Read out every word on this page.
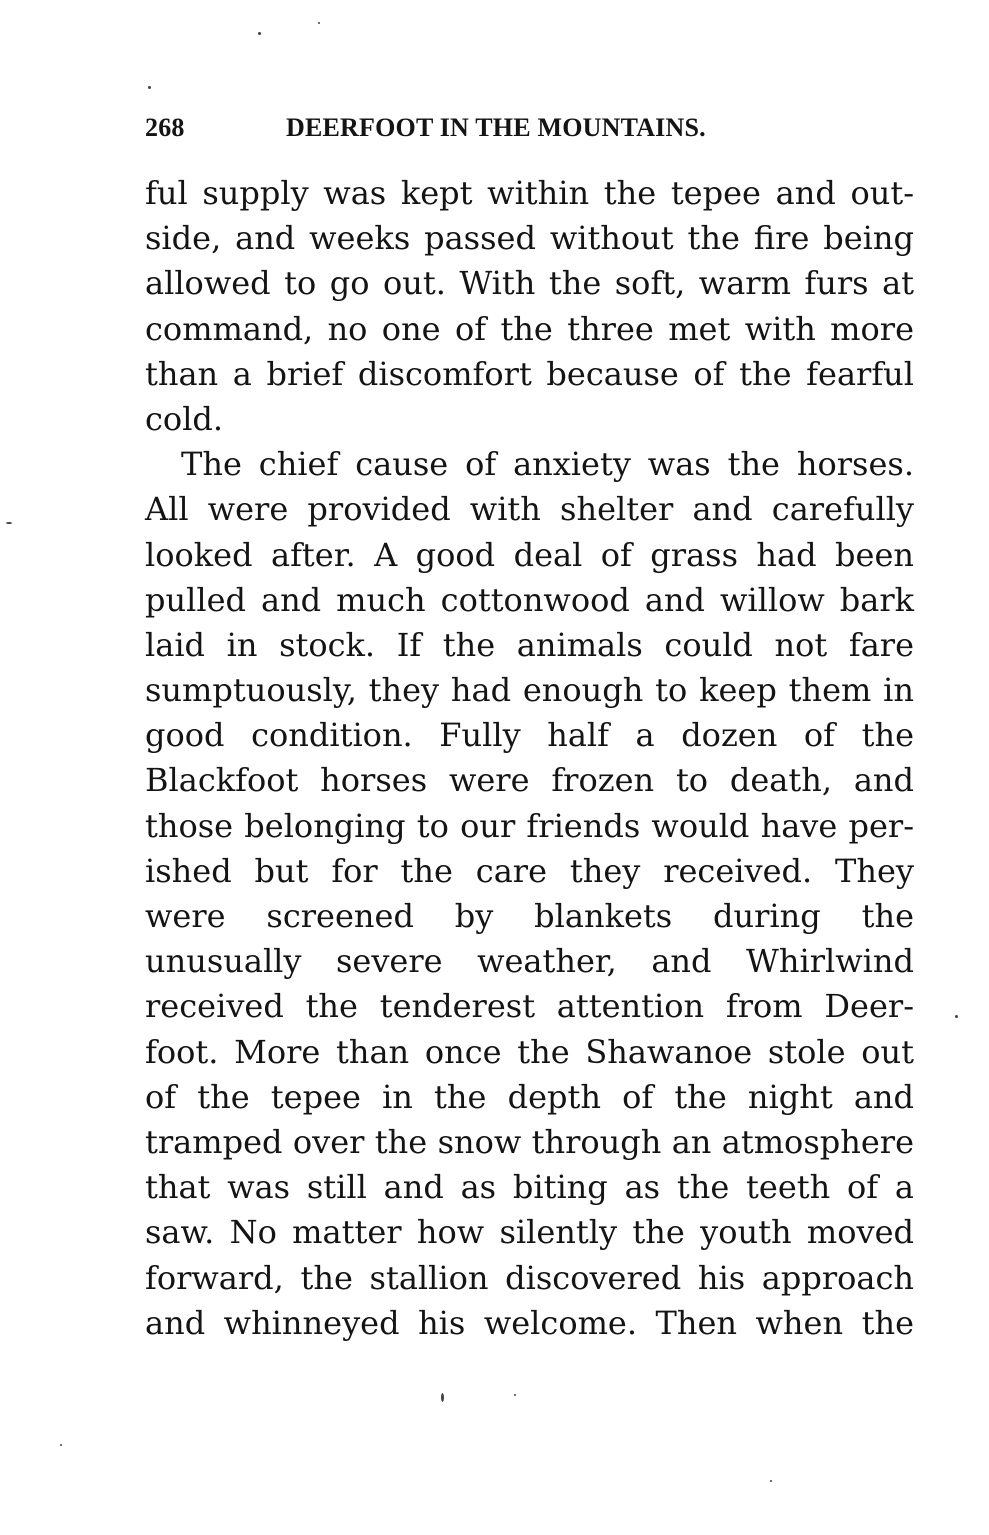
268	DEERFOOT IN THE MOUNTAINS.
ful supply was kept within the tepee and out-
side, and weeks passed without the fire being
allowed to go out. With the soft, warm furs at
command, no one of the three met with more
than a brief discomfort because of the fearful
cold.
The chief cause of anxiety was the horses.
All were provided with shelter and carefully
looked after. A good deal of grass had been
pulled and much cottonwood and willow bark
laid in stock. If the animals could not fare
sumptuously, they had enough to keep them in
good condition. Fully half a dozen of the
Blackfoot horses were frozen to death, and
those belonging to our friends would have per-
ished but for the care they received. They
were screened by blankets during the
unusually severe weather, and Whirlwind
received the tenderest attention from Deer-
foot. More than once the Shawanoe stole out
of the tepee in the depth of the night and
tramped over the snow through an atmosphere
that was still and as biting as the teeth of a
saw. No matter how silently the youth moved
forward, the stallion discovered his approach
and whinneyed his welcome. Then when the
